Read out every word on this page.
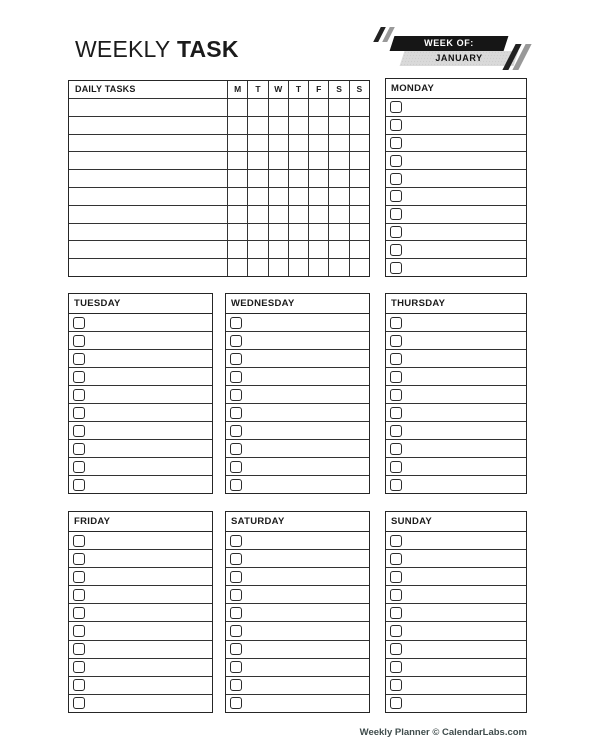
WEEKLY TASK	WEEK OF:
JANUARY
DAILY TASKS	M	T	W	T	F	S	S	MONDAY
TUESDAY	WEDNESDAY	THURSDAY
FRIDAY	SATURDAY	SUNDAY
Weekly Planner © CalendarLabs.com
